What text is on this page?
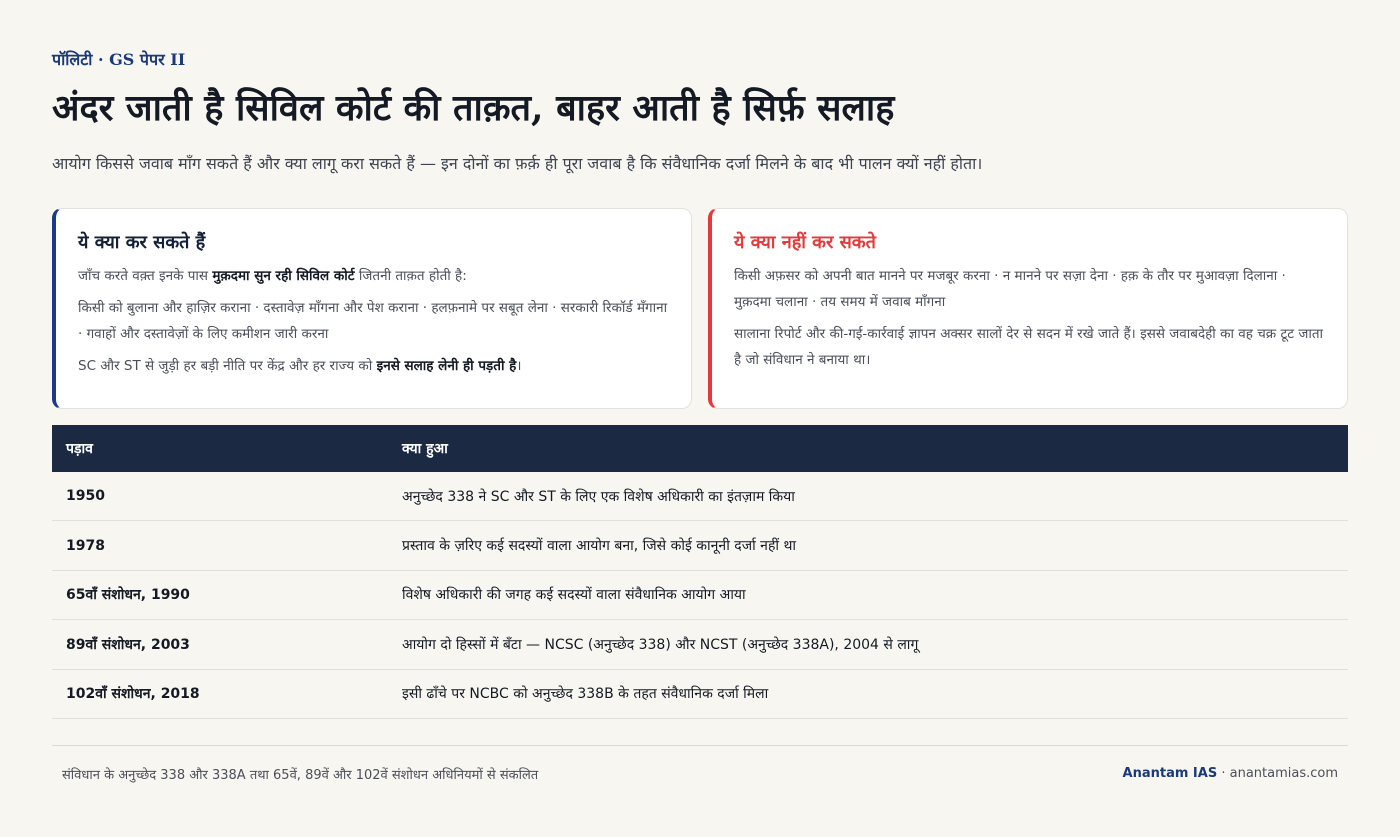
पॉलिटी · GS पेपर II
अंदर जाती है सिविल कोर्ट की ताक़त, बाहर आती है सिर्फ़ सलाह
आयोग किससे जवाब माँग सकते हैं और क्या लागू करा सकते हैं — इन दोनों का फ़र्क़ ही पूरा जवाब है कि संवैधानिक दर्जा मिलने के बाद भी पालन क्यों नहीं होता।
ये क्या कर सकते हैं

जाँच करते वक़्त इनके पास मुक़दमा सुन रही सिविल कोर्ट जितनी ताक़त होती है:

किसी को बुलाना और हाज़िर कराना · दस्तावेज़ माँगना और पेश कराना · हलफ़नामे पर सबूत लेना · सरकारी रिकॉर्ड मँगाना · गवाहों और दस्तावेज़ों के लिए कमीशन जारी करना

SC और ST से जुड़ी हर बड़ी नीति पर केंद्र और हर राज्य को इनसे सलाह लेनी ही पड़ती है।

ये क्या नहीं कर सकते

किसी अफ़सर को अपनी बात मानने पर मजबूर करना · न मानने पर सज़ा देना · हक़ के तौर पर मुआवज़ा दिलाना · मुक़दमा चलाना · तय समय में जवाब माँगना

सालाना रिपोर्ट और की-गई-कार्रवाई ज्ञापन अक्सर सालों देर से सदन में रखे जाते हैं। इससे जवाबदेही का वह चक्र टूट जाता है जो संविधान ने बनाया था।

पड़ाव	क्या हुआ
1950	अनुच्छेद 338 ने SC और ST के लिए एक विशेष अधिकारी का इंतज़ाम किया
1978	प्रस्ताव के ज़रिए कई सदस्यों वाला आयोग बना, जिसे कोई कानूनी दर्जा नहीं था
65वाँ संशोधन, 1990	विशेष अधिकारी की जगह कई सदस्यों वाला संवैधानिक आयोग आया
89वाँ संशोधन, 2003	आयोग दो हिस्सों में बँटा — NCSC (अनुच्छेद 338) और NCST (अनुच्छेद 338A), 2004 से लागू
102वाँ संशोधन, 2018	इसी ढाँचे पर NCBC को अनुच्छेद 338B के तहत संवैधानिक दर्जा मिला
संविधान के अनुच्छेद 338 और 338A तथा 65वें, 89वें और 102वें संशोधन अधिनियमों से संकलित	Anantam IAS · anantamias.com
